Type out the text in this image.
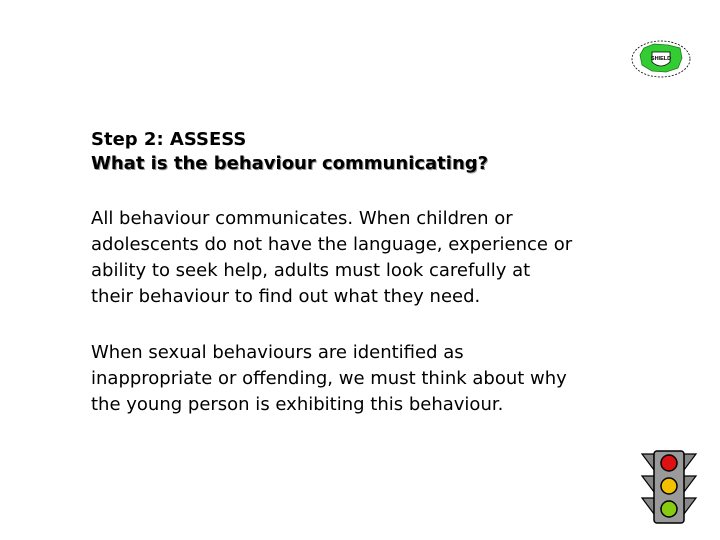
SHIELD
Step 2: ASSESS
What is the behaviour communicating?
All behaviour communicates. When children or
adolescents do not have the language, experience or
ability to seek help, adults must look carefully at
their behaviour to find out what they need.
When sexual behaviours are identified as
inappropriate or offending, we must think about why
the young person is exhibiting this behaviour.
